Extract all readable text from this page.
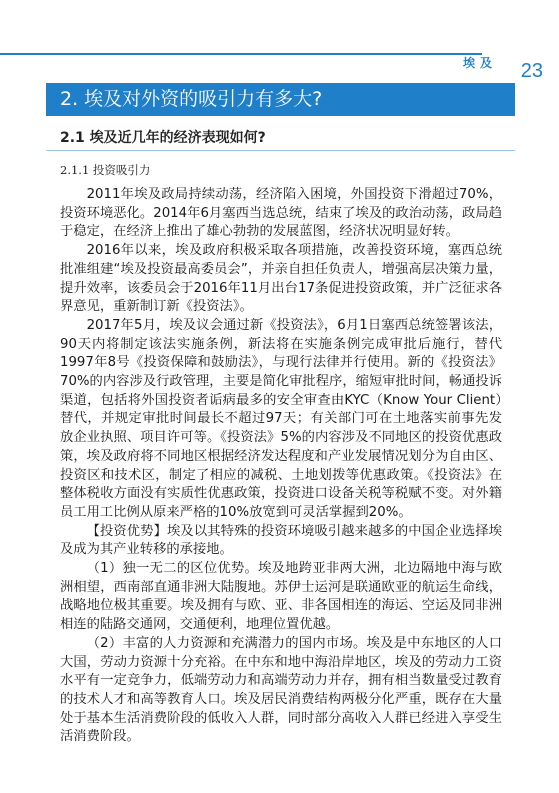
埃及 23
2. 埃及对外资的吸引力有多大?
2.1 埃及近几年的经济表现如何?
2.1.1 投资吸引力

2011年埃及政局持续动荡，经济陷入困境，外国投资下滑超过70%，投资环境恶化。2014年6月塞西当选总统，结束了埃及的政治动荡，政局趋于稳定，在经济上推出了雄心勃勃的发展蓝图，经济状况明显好转。

2016年以来，埃及政府积极采取各项措施，改善投资环境，塞西总统批准组建“埃及投资最高委员会”，并亲自担任负责人，增强高层决策力量，提升效率，该委员会于2016年11月出台17条促进投资政策，并广泛征求各界意见，重新制订新《投资法》。

2017年5月，埃及议会通过新《投资法》，6月1日塞西总统签署该法，90天内将制定该法实施条例，新法将在实施条例完成审批后施行，替代1997年8号《投资保障和鼓励法》，与现行法律并行使用。新的《投资法》70%的内容涉及行政管理，主要是简化审批程序，缩短审批时间，畅通投诉渠道，包括将外国投资者诟病最多的安全审查由KYC（Know Your Client）替代，并规定审批时间最长不超过97天；有关部门可在土地落实前事先发放企业执照、项目许可等。《投资法》5%的内容涉及不同地区的投资优惠政策，埃及政府将不同地区根据经济发达程度和产业发展情况划分为自由区、投资区和技术区，制定了相应的减税、土地划拨等优惠政策。《投资法》在整体税收方面没有实质性优惠政策，投资进口设备关税等税赋不变。对外籍员工用工比例从原来严格的10%放宽到可灵活掌握到20%。

【投资优势】埃及以其特殊的投资环境吸引越来越多的中国企业选择埃及成为其产业转移的承接地。

（1）独一无二的区位优势。埃及地跨亚非两大洲，北边隔地中海与欧洲相望，西南部直通非洲大陆腹地。苏伊士运河是联通欧亚的航运生命线，战略地位极其重要。埃及拥有与欧、亚、非各国相连的海运、空运及同非洲相连的陆路交通网，交通便利，地理位置优越。

（2）丰富的人力资源和充满潜力的国内市场。埃及是中东地区的人口大国，劳动力资源十分充裕。在中东和地中海沿岸地区，埃及的劳动力工资水平有一定竞争力，低端劳动力和高端劳动力并存，拥有相当数量受过教育的技术人才和高等教育人口。埃及居民消费结构两极分化严重，既存在大量处于基本生活消费阶段的低收入人群，同时部分高收入人群已经进入享受生活消费阶段。
